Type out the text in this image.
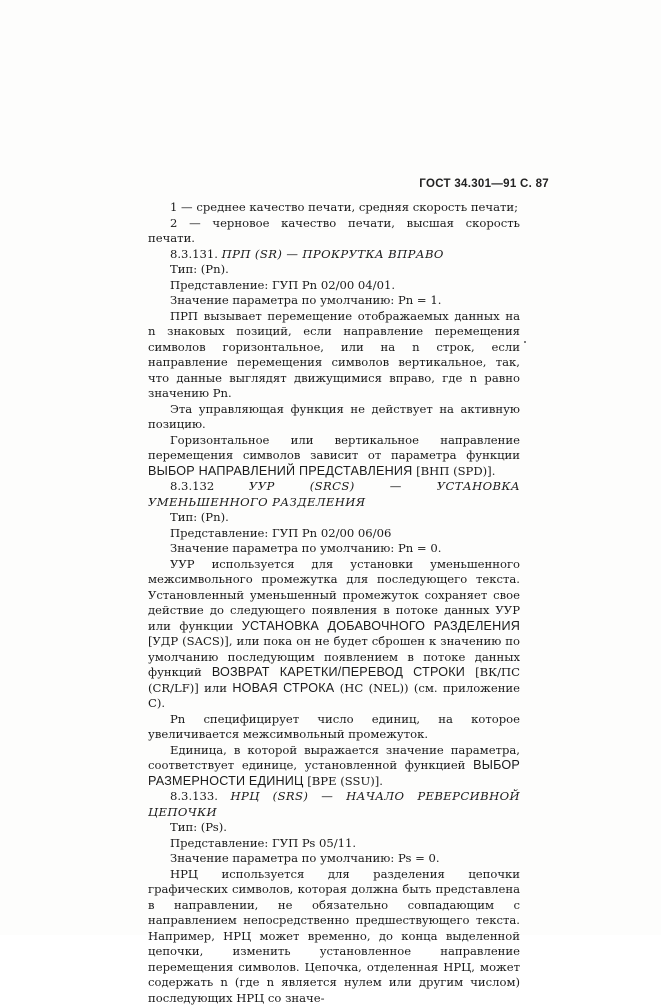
ГОСТ 34.301—91 С. 87

1 — среднее качество печати, средняя скорость печати;

2 — черновое качество печати, высшая скорость печати.

8.3.131. ПРП (SR) — ПРОКРУТКА ВПРАВО

Тип: (Pn).

Представление: ГУП Pn 02/00 04/01.

Значение параметра по умолчанию: Pn = 1.

ПРП вызывает перемещение отображаемых данных на n знаковых позиций, если направление перемещения символов горизонтальное, или на n строк, если направление перемещения символов вертикальное, так, что данные выглядят движущимися вправо, где n равно значению Pn.

Эта управляющая функция не действует на активную позицию.

Горизонтальное или вертикальное направление перемещения символов зависит от параметра функции ВЫБОР НАПРАВЛЕНИЙ ПРЕДСТАВЛЕНИЯ [ВНП (SPD)].

8.3.132	УУР (SRCS) — УСТАНОВКА УМЕНЬШЕННОГО РАЗДЕЛЕНИЯ

Тип: (Pn).

Представление: ГУП Pn 02/00 06/06

Значение параметра по умолчанию: Pn = 0.

УУР используется для установки уменьшенного межсимвольного промежутка для последующего текста. Установленный уменьшенный промежуток сохраняет свое действие до следующего появления в потоке данных УУР или функции УСТАНОВКА ДОБАВОЧНОГО РАЗДЕЛЕНИЯ [УДР (SACS)], или пока он не будет сброшен к значению по умолчанию последующим появлением в потоке данных функций ВОЗВРАТ КАРЕТКИ/ПЕРЕВОД СТРОКИ [ВК/ПС (CR/LF)] или НОВАЯ СТРОКА (НС (NEL)) (см. приложение С).

Pn специфицирует число единиц, на которое увеличивается межсимвольный промежуток.

Единица, в которой выражается значение параметра, соответствует единице, установленной функцией ВЫБОР РАЗМЕРНОСТИ ЕДИНИЦ [ВРЕ (SSU)].

8.3.133. НРЦ (SRS) — НАЧАЛО РЕВЕРСИВНОЙ ЦЕПОЧКИ

Тип: (Ps).

Представление: ГУП Ps 05/11.

Значение параметра по умолчанию: Ps = 0.

НРЦ используется для разделения цепочки графических символов, которая должна быть представлена в направлении, не обязательно совпадающим с направлением непосредственно предшествующего текста. Например, НРЦ может временно, до конца выделенной цепочки, изменить установленное направление перемещения символов. Цепочка, отделенная НРЦ, может содержать n (где n является нулем или другим числом) последующих НРЦ со значе-
